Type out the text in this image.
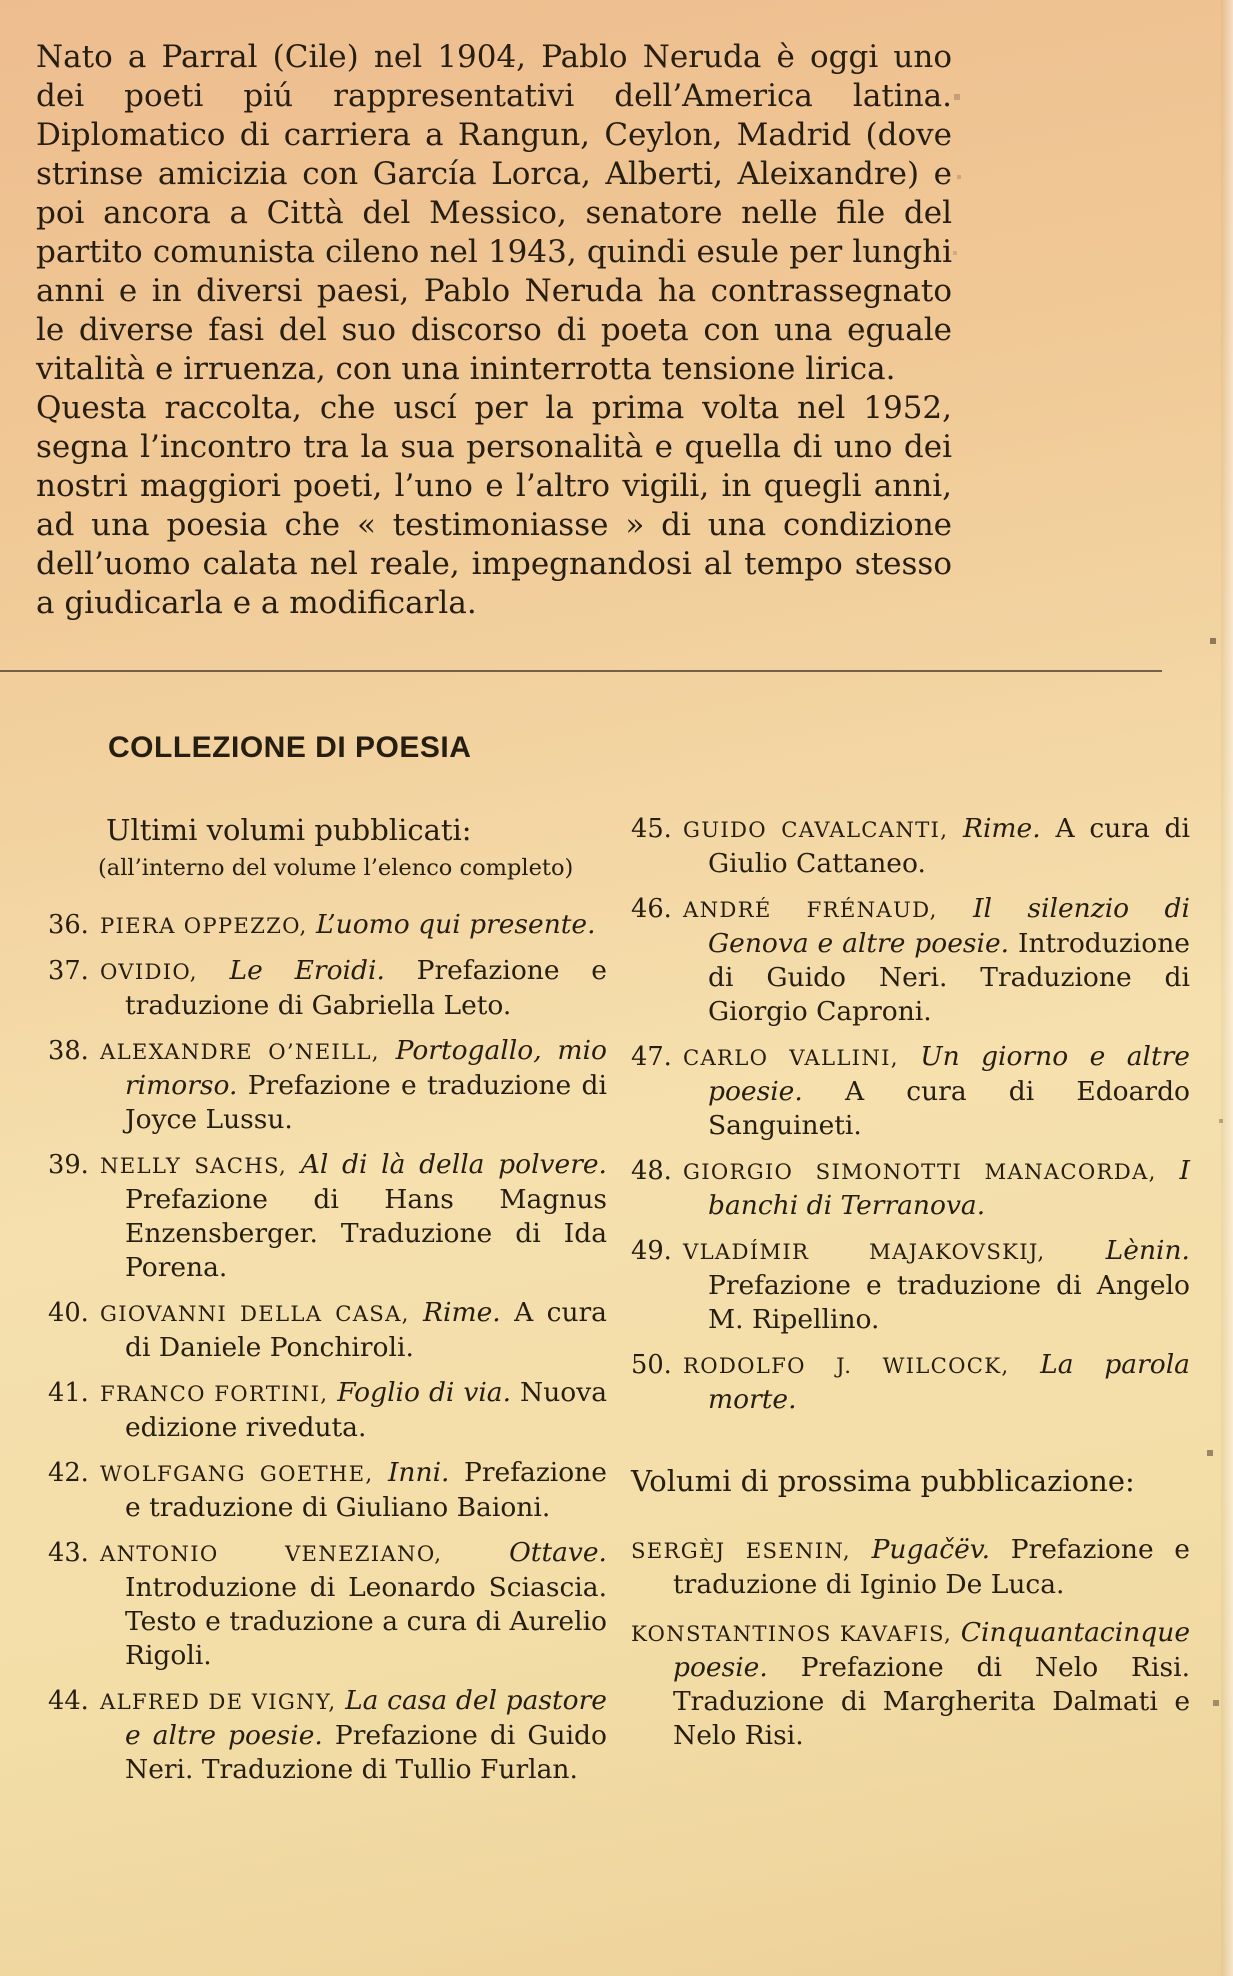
Nato a Parral (Cile) nel 1904, Pablo Neruda è oggi uno dei poeti piú rappresentativi dell’America latina. Diplomatico di carriera a Rangun, Ceylon, Madrid (dove strinse amicizia con García Lorca, Alberti, Aleixandre) e poi ancora a Città del Messico, senatore nelle file del partito comunista cileno nel 1943, quindi esule per lunghi anni e in diversi paesi, Pablo Neruda ha contrassegnato le diverse fasi del suo discorso di poeta con una eguale vitalità e irruenza, con una ininterrotta tensione lirica.

Questa raccolta, che uscí per la prima volta nel 1952, segna l’incontro tra la sua personalità e quella di uno dei nostri maggiori poeti, l’uno e l’altro vigili, in quegli anni, ad una poesia che « testimoniasse » di una condizione dell’uomo calata nel reale, impegnandosi al tempo stesso a giudicarla e a modificarla.

COLLEZIONE DI POESIA
Ultimi volumi pubblicati:
(all’interno del volume l’elenco completo)
36. PIERA OPPEZZO, L’uomo qui presente.
37. OVIDIO, Le Eroidi. Prefazione e traduzione di Gabriella Leto.
38. ALEXANDRE O’NEILL, Portogallo, mio rimorso. Prefazione e traduzione di Joyce Lussu.
39. NELLY SACHS, Al di là della polvere. Prefazione di Hans Magnus Enzensberger. Traduzione di Ida Porena.
40. GIOVANNI DELLA CASA, Rime. A cura di Daniele Ponchiroli.
41. FRANCO FORTINI, Foglio di via. Nuova edizione riveduta.
42. WOLFGANG GOETHE, Inni. Prefazione e traduzione di Giuliano Baioni.
43. ANTONIO VENEZIANO,	Ottave. Introduzione di Leonardo Sciascia. Testo e traduzione a cura di Aurelio Rigoli.
44. ALFRED DE VIGNY, La casa del pastore e altre poesie. Prefazione di Guido Neri. Traduzione di Tullio Furlan.
45. GUIDO CAVALCANTI, Rime. A cura di Giulio Cattaneo.
46. ANDRÉ FRÉNAUD, Il silenzio di Genova e altre poesie. Introduzione di Guido Neri. Traduzione di Giorgio Caproni.
47. CARLO VALLINI, Un giorno e altre poesie. A cura di Edoardo Sanguineti.
48. GIORGIO SIMONOTTI MANACORDA, I banchi di Terranova.
49. VLADÍMIR MAJAKOVSKIJ, Lènin. Prefazione e traduzione di Angelo M. Ripellino.
50. RODOLFO J. WILCOCK, La parola morte.
Volumi di prossima pubblicazione:
SERGÈJ ESENIN, Pugačëv. Prefazione e traduzione di Iginio De Luca.
KONSTANTINOS KAVAFIS, Cinquantacinque poesie. Prefazione di Nelo Risi. Traduzione di Margherita Dalmati e Nelo Risi.
